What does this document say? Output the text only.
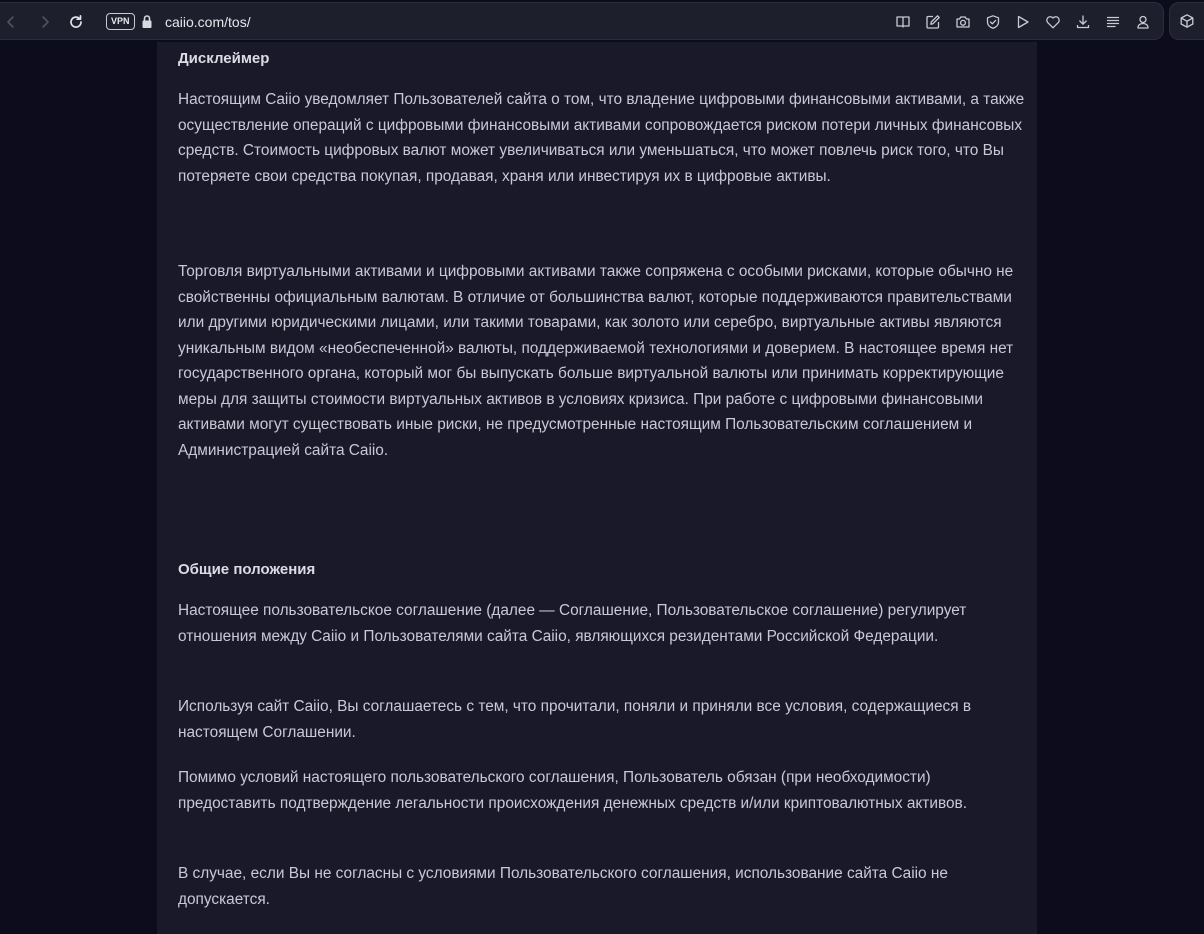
VPN	caiio.com/tos/
Дисклеймер

Настоящим Caiio уведомляет Пользователей сайта о том, что владение цифровыми финансовыми активами, а также осуществление операций с цифровыми финансовыми активами сопровождается риском потери личных финансовых средств. Стоимость цифровых валют может увеличиваться или уменьшаться, что может повлечь риск того, что Вы потеряете свои средства покупая, продавая, храня или инвестируя их в цифровые активы.

Торговля виртуальными активами и цифровыми активами также сопряжена с особыми рисками, которые обычно не свойственны официальным валютам. В отличие от большинства валют, которые поддерживаются правительствами или другими юридическими лицами, или такими товарами, как золото или серебро, виртуальные активы являются уникальным видом «необеспеченной» валюты, поддерживаемой технологиями и доверием. В настоящее время нет государственного органа, который мог бы выпускать больше виртуальной валюты или принимать корректирующие меры для защиты стоимости виртуальных активов в условиях кризиса. При работе с цифровыми финансовыми активами могут существовать иные риски, не предусмотренные настоящим Пользовательским соглашением и Администрацией сайта Caiio.

Общие положения

Настоящее пользовательское соглашение (далее — Соглашение, Пользовательское соглашение) регулирует отношения между Caiio и Пользователями сайта Caiio, являющихся резидентами Российской Федерации.

Используя сайт Caiio, Вы соглашаетесь с тем, что прочитали, поняли и приняли все условия, содержащиеся в настоящем Соглашении.

Помимо условий настоящего пользовательского соглашения, Пользователь обязан (при необходимости) предоставить подтверждение легальности происхождения денежных средств и/или криптовалютных активов.

В случае, если Вы не согласны с условиями Пользовательского соглашения, использование сайта Caiio не допускается.
